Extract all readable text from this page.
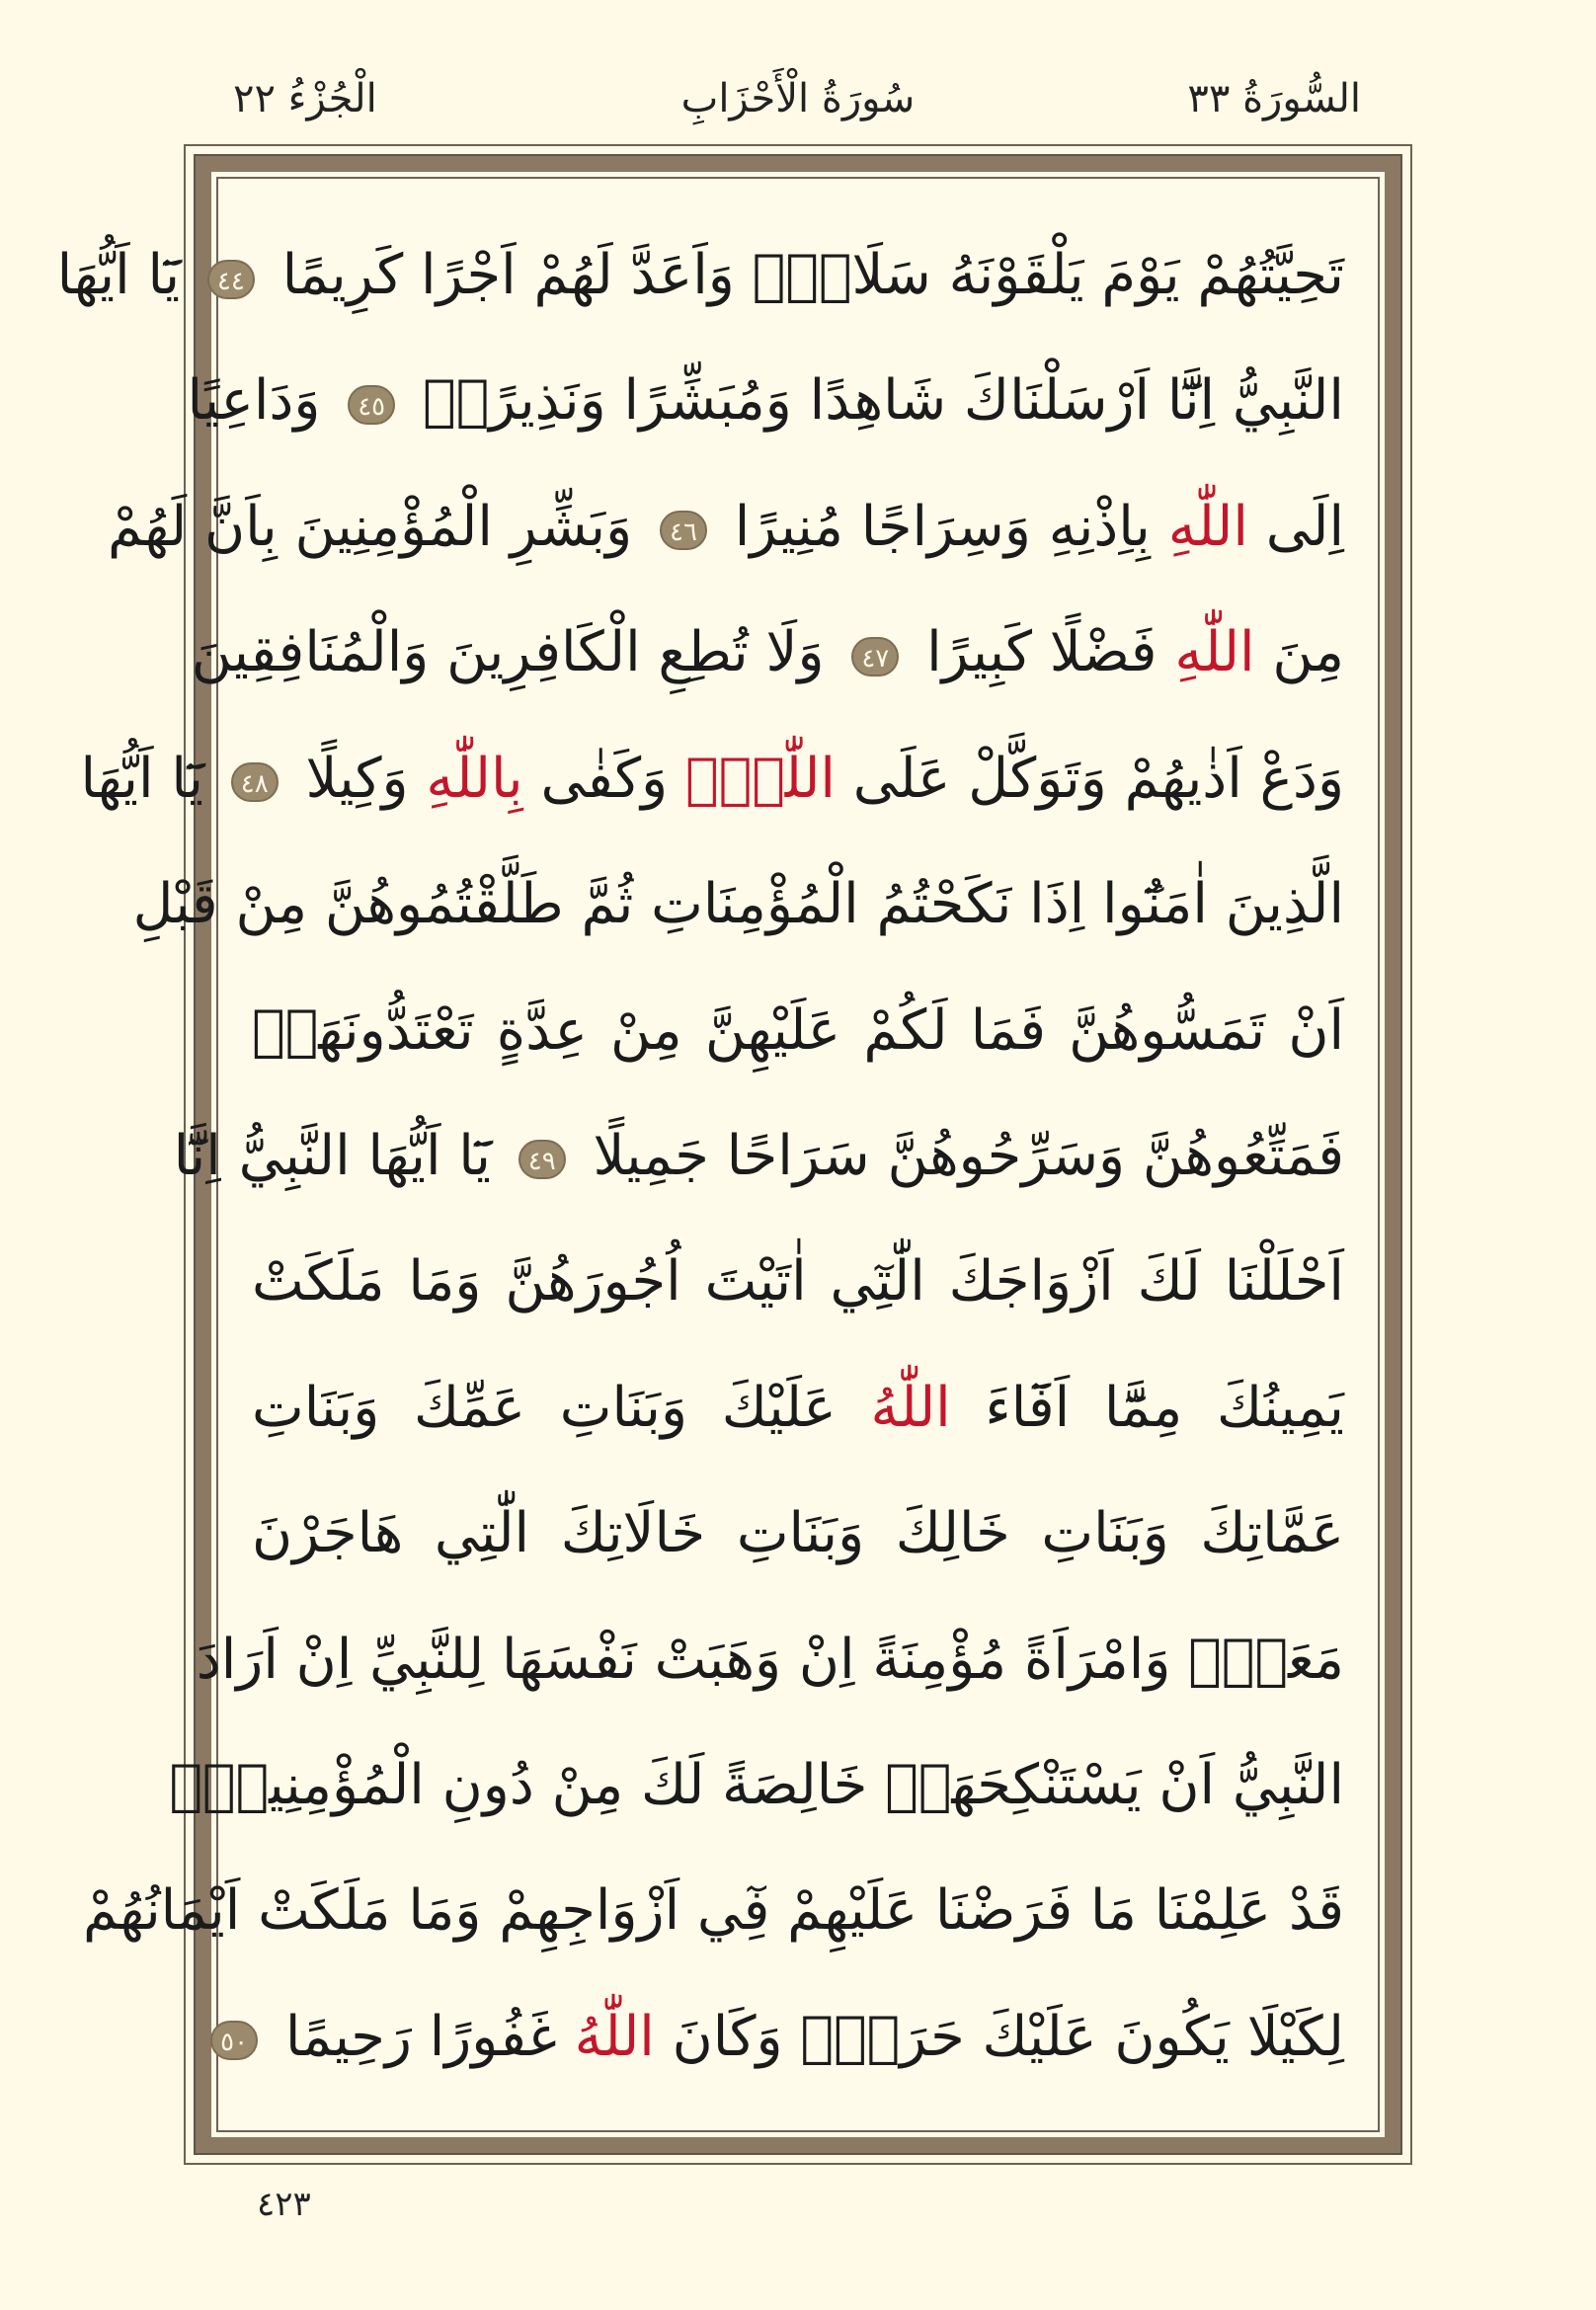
الْجُزْءُ ٢٢	سُورَةُ الْأَحْزَابِ	السُّورَةُ ٣٣
تَحِيَّتُهُمْ يَوْمَ يَلْقَوْنَهُ سَلَامٌۚ وَاَعَدَّ لَهُمْ اَجْرًا كَرِيمًا ٤٤ يَٓا اَيُّهَا
النَّبِيُّ اِنَّٓا اَرْسَلْنَاكَ شَاهِدًا وَمُبَشِّرًا وَنَذِيرًاۙ ٤٥ وَدَاعِيًا
اِلَى اللّٰهِ بِاِذْنِهِ وَسِرَاجًا مُنِيرًا ٤٦ وَبَشِّرِ الْمُؤْمِنِينَ بِاَنَّ لَهُمْ
مِنَ اللّٰهِ فَضْلًا كَبِيرًا ٤٧ وَلَا تُطِعِ الْكَافِرِينَ وَالْمُنَافِقِينَ
وَدَعْ اَذٰيهُمْ وَتَوَكَّلْ عَلَى اللّٰهِۜ وَكَفٰى بِاللّٰهِ وَكِيلًا ٤٨ يَٓا اَيُّهَا
الَّذِينَ اٰمَنُٓوا اِذَا نَكَحْتُمُ الْمُؤْمِنَاتِ ثُمَّ طَلَّقْتُمُوهُنَّ مِنْ قَبْلِ
اَنْ تَمَسُّوهُنَّ فَمَا لَكُمْ عَلَيْهِنَّ مِنْ عِدَّةٍ تَعْتَدُّونَهَاۚ
فَمَتِّعُوهُنَّ وَسَرِّحُوهُنَّ سَرَاحًا جَمِيلًا ٤٩ يَٓا اَيُّهَا النَّبِيُّ اِنَّٓا
اَحْلَلْنَا لَكَ اَزْوَاجَكَ الّٰتِٓي اٰتَيْتَ اُجُورَهُنَّ وَمَا مَلَكَتْ
يَمِينُكَ مِمَّٓا اَفَٓاءَ اللّٰهُ عَلَيْكَ وَبَنَاتِ عَمِّكَ وَبَنَاتِ
عَمَّاتِكَ وَبَنَاتِ خَالِكَ وَبَنَاتِ خَالَاتِكَ الّٰتِي هَاجَرْنَ
مَعَكَۘ وَامْرَاَةً مُؤْمِنَةً اِنْ وَهَبَتْ نَفْسَهَا لِلنَّبِيِّ اِنْ اَرَادَ
النَّبِيُّ اَنْ يَسْتَنْكِحَهَاۗ خَالِصَةً لَكَ مِنْ دُونِ الْمُؤْمِنِينَۜ
قَدْ عَلِمْنَا مَا فَرَضْنَا عَلَيْهِمْ فِٓي اَزْوَاجِهِمْ وَمَا مَلَكَتْ اَيْمَانُهُمْ
لِكَيْلَا يَكُونَ عَلَيْكَ حَرَجٌۜ وَكَانَ اللّٰهُ غَفُورًا رَحِيمًا ٥٠
٤٢٣
